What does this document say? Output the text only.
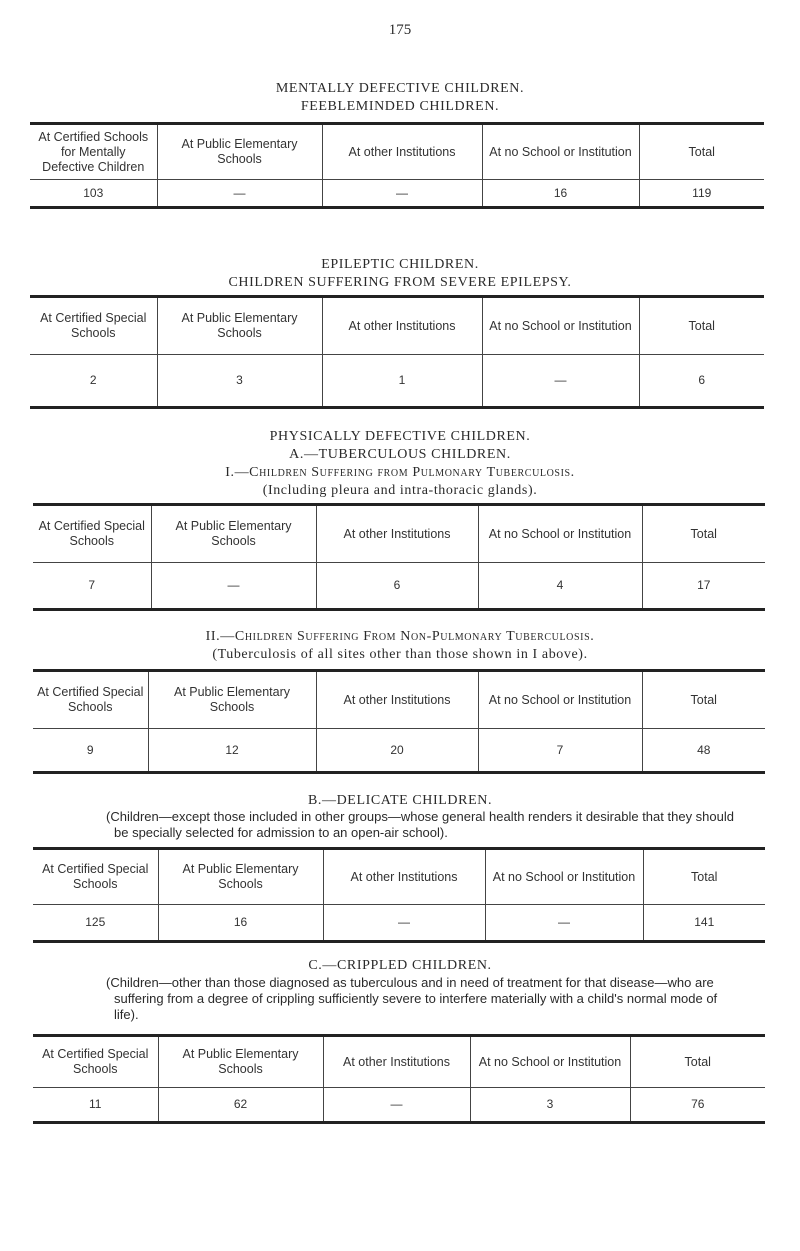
175
MENTALLY DEFECTIVE CHILDREN.
FEEBLEMINDED CHILDREN.
At Certified Schools for Mentally Defective Children	At Public Elementary Schools	At other Institutions	At no School or Institution	Total
103	—	—	16	119
EPILEPTIC CHILDREN.
CHILDREN SUFFERING FROM SEVERE EPILEPSY.
At Certified Special Schools	At Public Elementary Schools	At other Institutions	At no School or Institution	Total
2	3	1	—	6
PHYSICALLY DEFECTIVE CHILDREN.
A.—TUBERCULOUS CHILDREN.
I.—Children Suffering from Pulmonary Tuberculosis.
(Including pleura and intra-thoracic glands).
At Certified Special Schools	At Public Elementary Schools	At other Institutions	At no School or Institution	Total
7	—	6	4	17
II.—Children Suffering From Non-Pulmonary Tuberculosis.
(Tuberculosis of all sites other than those shown in I above).
At Certified Special Schools	At Public Elementary Schools	At other Institutions	At no School or Institution	Total
9	12	20	7	48
B.—DELICATE CHILDREN.
(Children—except those included in other groups—whose general health renders it desirable that they should be specially selected for admission to an open-air school).
At Certified Special Schools	At Public Elementary Schools	At other Institutions	At no School or Institution	Total
125	16	—	—	141
C.—CRIPPLED CHILDREN.
(Children—other than those diagnosed as tuberculous and in need of treatment for that disease—who are suffering from a degree of crippling sufficiently severe to interfere materially with a child's normal mode of life).
At Certified Special Schools	At Public Elementary Schools	At other Institutions	At no School or Institution	Total
11	62	—	3	76
